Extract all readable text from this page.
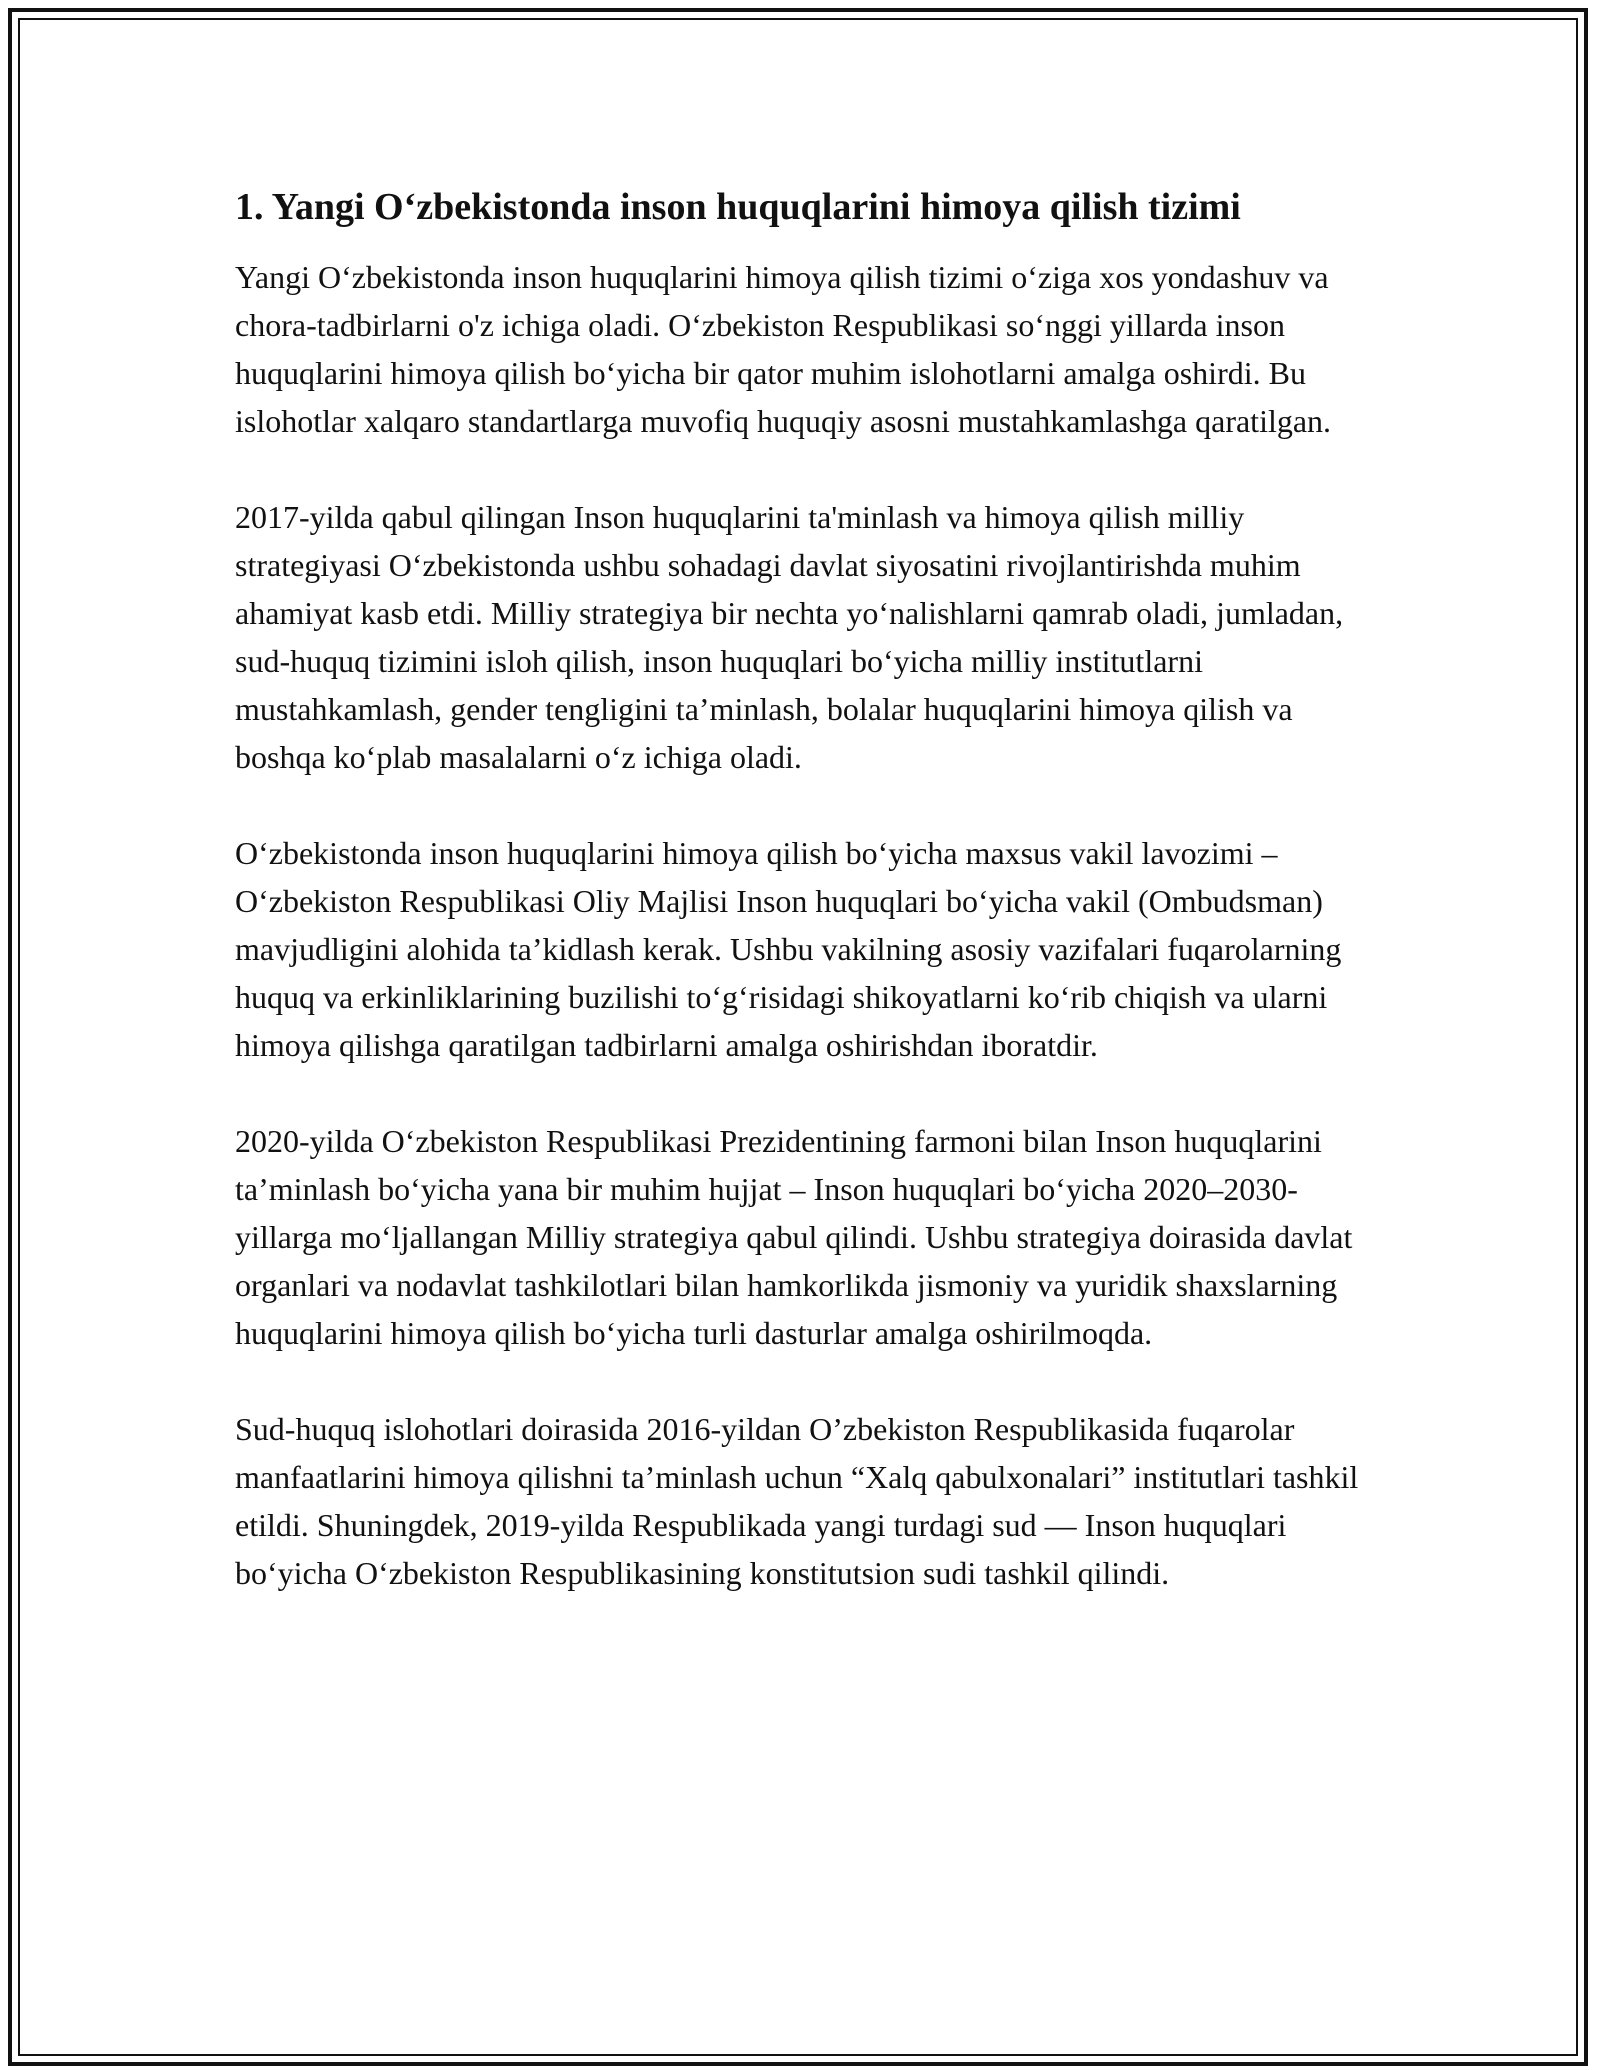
1. Yangi O‘zbekistonda inson huquqlarini himoya qilish tizimi

Yangi O‘zbekistonda inson huquqlarini himoya qilish tizimi o‘ziga xos yondashuv va chora-tadbirlarni o'z ichiga oladi. O‘zbekiston Respublikasi so‘nggi yillarda inson huquqlarini himoya qilish bo‘yicha bir qator muhim islohotlarni amalga oshirdi. Bu islohotlar xalqaro standartlarga muvofiq huquqiy asosni mustahkamlashga qaratilgan.

2017-yilda qabul qilingan Inson huquqlarini ta'minlash va himoya qilish milliy strategiyasi O‘zbekistonda ushbu sohadagi davlat siyosatini rivojlantirishda muhim ahamiyat kasb etdi. Milliy strategiya bir nechta yo‘nalishlarni qamrab oladi, jumladan, sud-huquq tizimini isloh qilish, inson huquqlari bo‘yicha milliy institutlarni mustahkamlash, gender tengligini ta’minlash, bolalar huquqlarini himoya qilish va boshqa ko‘plab masalalarni o‘z ichiga oladi.

O‘zbekistonda inson huquqlarini himoya qilish bo‘yicha maxsus vakil lavozimi – O‘zbekiston Respublikasi Oliy Majlisi Inson huquqlari bo‘yicha vakil (Ombudsman) mavjudligini alohida ta’kidlash kerak. Ushbu vakilning asosiy vazifalari fuqarolarning huquq va erkinliklarining buzilishi to‘g‘risidagi shikoyatlarni ko‘rib chiqish va ularni himoya qilishga qaratilgan tadbirlarni amalga oshirishdan iboratdir.

2020-yilda O‘zbekiston Respublikasi Prezidentining farmoni bilan Inson huquqlarini ta’minlash bo‘yicha yana bir muhim hujjat – Inson huquqlari bo‘yicha 2020–2030-yillarga mo‘ljallangan Milliy strategiya qabul qilindi. Ushbu strategiya doirasida davlat organlari va nodavlat tashkilotlari bilan hamkorlikda jismoniy va yuridik shaxslarning huquqlarini himoya qilish bo‘yicha turli dasturlar amalga oshirilmoqda.

Sud-huquq islohotlari doirasida 2016-yildan O’zbekiston Respublikasida fuqarolar manfaatlarini himoya qilishni ta’minlash uchun “Xalq qabulxonalari” institutlari tashkil etildi. Shuningdek, 2019-yilda Respublikada yangi turdagi sud — Inson huquqlari bo‘yicha O‘zbekiston Respublikasining konstitutsion sudi tashkil qilindi.
